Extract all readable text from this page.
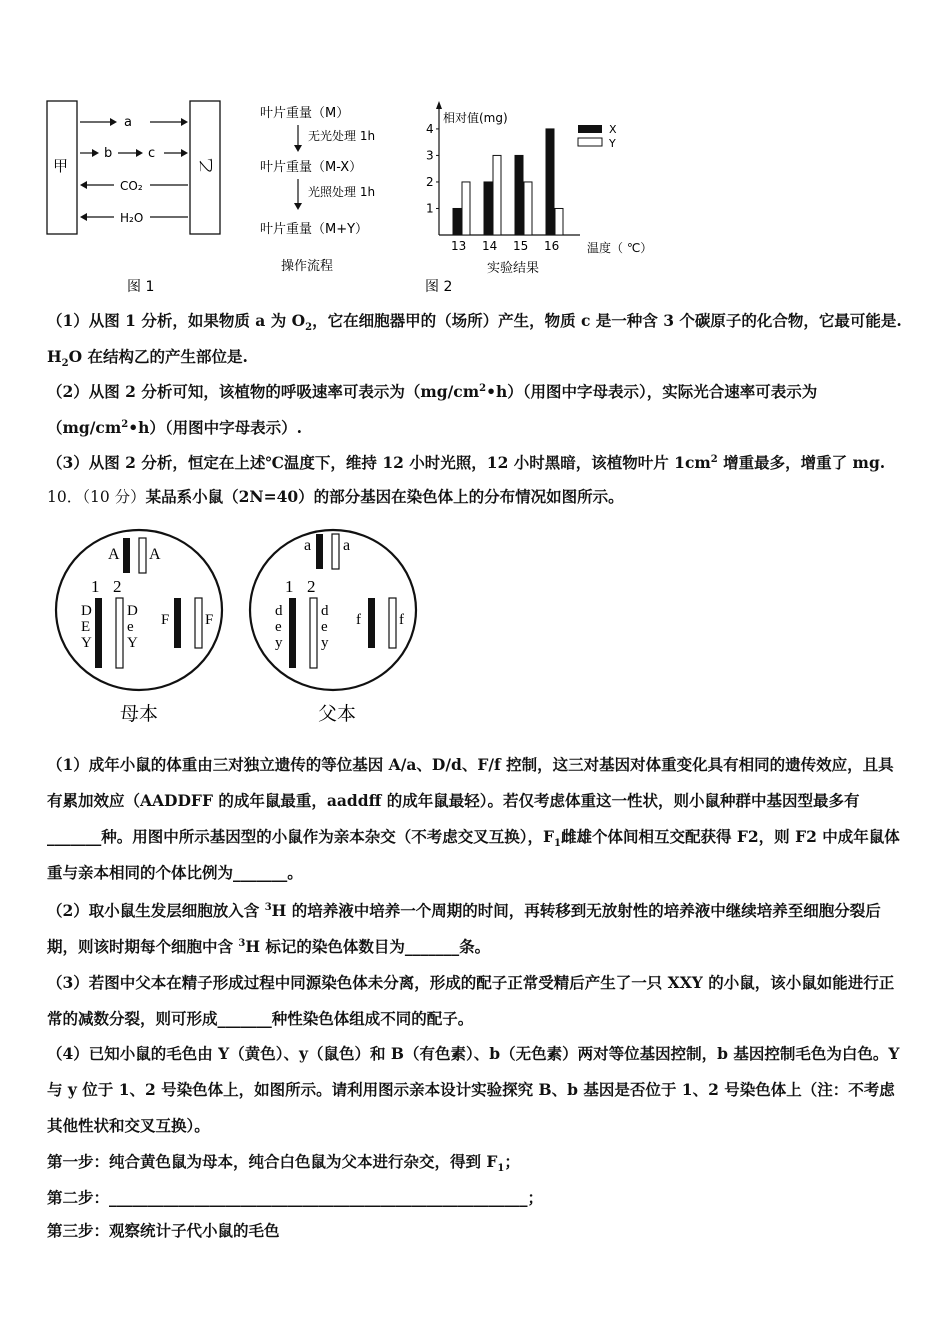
甲	乙
a
b	c
CO₂
H₂O
图 1
叶片重量（M）
无光处理 1h
叶片重量（M-X）
光照处理 1h
叶片重量（M+Y）
操作流程
相对值(mg)
1
2
3
4
13 14 15 16
X
Y
温度（ ℃）
实验结果
图 2
（1）从图 1 分析，如果物质 a 为 $O_2$，它在细胞器甲的（场所）产生，物质 c 是一种含 3 个碳原子的化合物，它最可能是. $H_2O$ 在结构乙的产生部位是.
（2）从图 2 分析可知，该植物的呼吸速率可表示为$(mg/cm^2•h)$（用图中字母表示），实际光合速率可表示为$(mg/cm^2•h)$（用图中字母表示）.
（3）从图 2 分析，恒定在上述℃温度下，维持 12 小时光照，12 小时黑暗，该植物叶片 $1cm^2$ 增重最多，增重了 mg.
10．（10 分）某品系小鼠（2N=40）的部分基因在染色体上的分布情况如图所示。
A A
1 2
D
E
Y
D
e
Y
F F
母本
a a
1 2
d
e
y
d
e
y
f	f
父本
（1）成年小鼠的体重由三对独立遗传的等位基因 A/a、D/d、F/f 控制，这三对基因对体重变化具有相同的遗传效应，且具有累加效应（AADDFF 的成年鼠最重，aaddff 的成年鼠最轻）。若仅考虑体重这一性状，则小鼠种群中基因型最多有_______种。用图中所示基因型的小鼠作为亲本杂交（不考虑交叉互换），$F_1$雌雄个体间相互交配获得 F2，则 F2 中成年鼠体重与亲本相同的个体比例为_______。
（2）取小鼠生发层细胞放入含 $^3$H 的培养液中培养一个周期的时间，再转移到无放射性的培养液中继续培养至细胞分裂后期，则该时期每个细胞中含 $^3$H 标记的染色体数目为_______条。
（3）若图中父本在精子形成过程中同源染色体未分离，形成的配子正常受精后产生了一只 XXY 的小鼠，该小鼠如能进行正常的减数分裂，则可形成_______种性染色体组成不同的配子。
（4）已知小鼠的毛色由 Y（黄色）、y（鼠色）和 B（有色素）、b（无色素）两对等位基因控制，b 基因控制毛色为白色。Y 与 y 位于 1、2 号染色体上，如图所示。请利用图示亲本设计实验探究 B、b 基因是否位于 1、2 号染色体上（注：不考虑其他性状和交叉互换）。
第一步：纯合黄色鼠为母本，纯合白色鼠为父本进行杂交，得到 $F_1$；
第二步：______________________________________________________；
第三步：观察统计子代小鼠的毛色
